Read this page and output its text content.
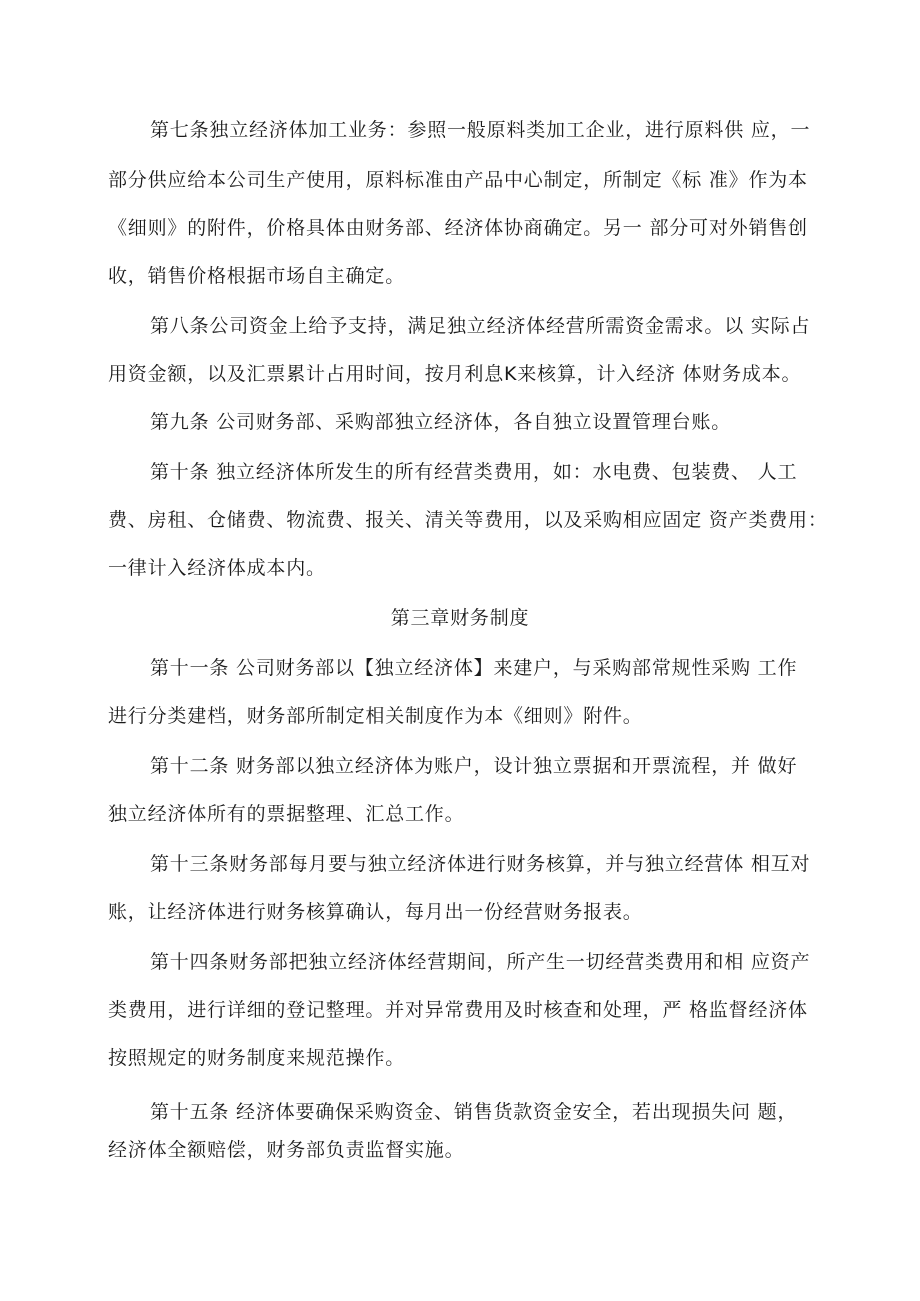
第七条独立经济体加工业务：参照一般原料类加工企业，进行原料供 应，一
部分供应给本公司生产使用，原料标准由产品中心制定，所制定《标 准》作为本
《细则》的附件，价格具体由财务部、经济体协商确定。另一 部分可对外销售创
收，销售价格根据市场自主确定。
第八条公司资金上给予支持，满足独立经济体经营所需资金需求。以 实际占
用资金额，以及汇票累计占用时间，按月利息K来核算，计入经济 体财务成本。
第九条 公司财务部、采购部独立经济体，各自独立设置管理台账。
第十条 独立经济体所发生的所有经营类费用，如：水电费、包装费、 人工
费、房租、仓储费、物流费、报关、清关等费用，以及采购相应固定 资产类费用：
一律计入经济体成本内。
第三章财务制度
第十一条 公司财务部以【独立经济体】来建户，与采购部常规性采购 工作
进行分类建档，财务部所制定相关制度作为本《细则》附件。
第十二条 财务部以独立经济体为账户，设计独立票据和开票流程，并 做好
独立经济体所有的票据整理、汇总工作。
第十三条财务部每月要与独立经济体进行财务核算，并与独立经营体 相互对
账，让经济体进行财务核算确认，每月出一份经营财务报表。
第十四条财务部把独立经济体经营期间，所产生一切经营类费用和相 应资产
类费用，进行详细的登记整理。并对异常费用及时核查和处理，严 格监督经济体
按照规定的财务制度来规范操作。
第十五条 经济体要确保采购资金、销售货款资金安全，若出现损失问 题，
经济体全额赔偿，财务部负责监督实施。
